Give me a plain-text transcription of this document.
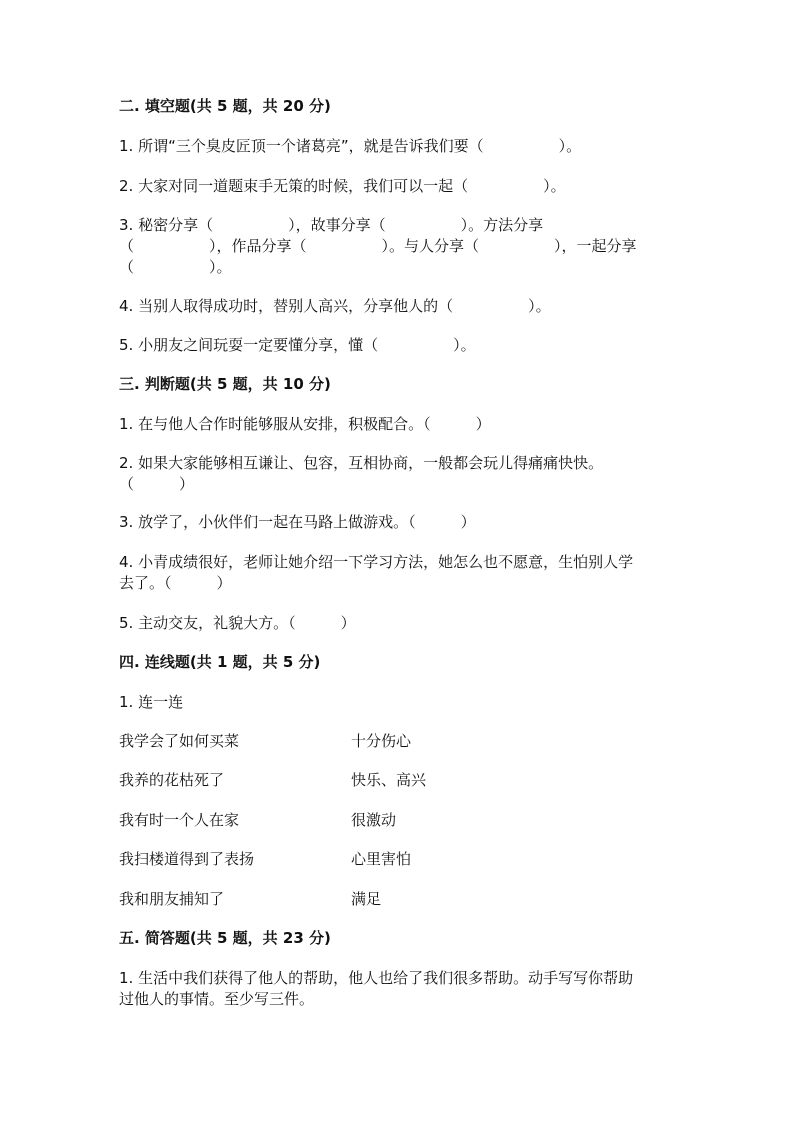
二. 填空题(共 5 题，共 20 分)
1. 所谓“三个臭皮匠顶一个诸葛亮”，就是告诉我们要（　　　　　）。
2. 大家对同一道题束手无策的时候，我们可以一起（　　　　　）。
3. 秘密分享（　　　　　），故事分享（　　　　　）。方法分享
（　　　　　），作品分享（　　　　　）。与人分享（　　　　　），一起分享
（　　　　　）。
4. 当别人取得成功时，替别人高兴，分享他人的（　　　　　）。
5. 小朋友之间玩耍一定要懂分享，懂（　　　　　）。
三. 判断题(共 5 题，共 10 分)
1. 在与他人合作时能够服从安排，积极配合。（　　　）
2. 如果大家能够相互谦让、包容，互相协商，一般都会玩儿得痛痛快快。
（　　　）
3. 放学了，小伙伴们一起在马路上做游戏。（　　　）
4. 小青成绩很好，老师让她介绍一下学习方法，她怎么也不愿意，生怕别人学
去了。（　　　）
5. 主动交友，礼貌大方。（　　　）
四. 连线题(共 1 题，共 5 分)
1. 连一连
我学会了如何买菜	十分伤心
我养的花枯死了	快乐、高兴
我有时一个人在家	很激动
我扫楼道得到了表扬	心里害怕
我和朋友捕知了	满足
五. 简答题(共 5 题，共 23 分)
1. 生活中我们获得了他人的帮助，他人也给了我们很多帮助。动手写写你帮助
过他人的事情。至少写三件。
